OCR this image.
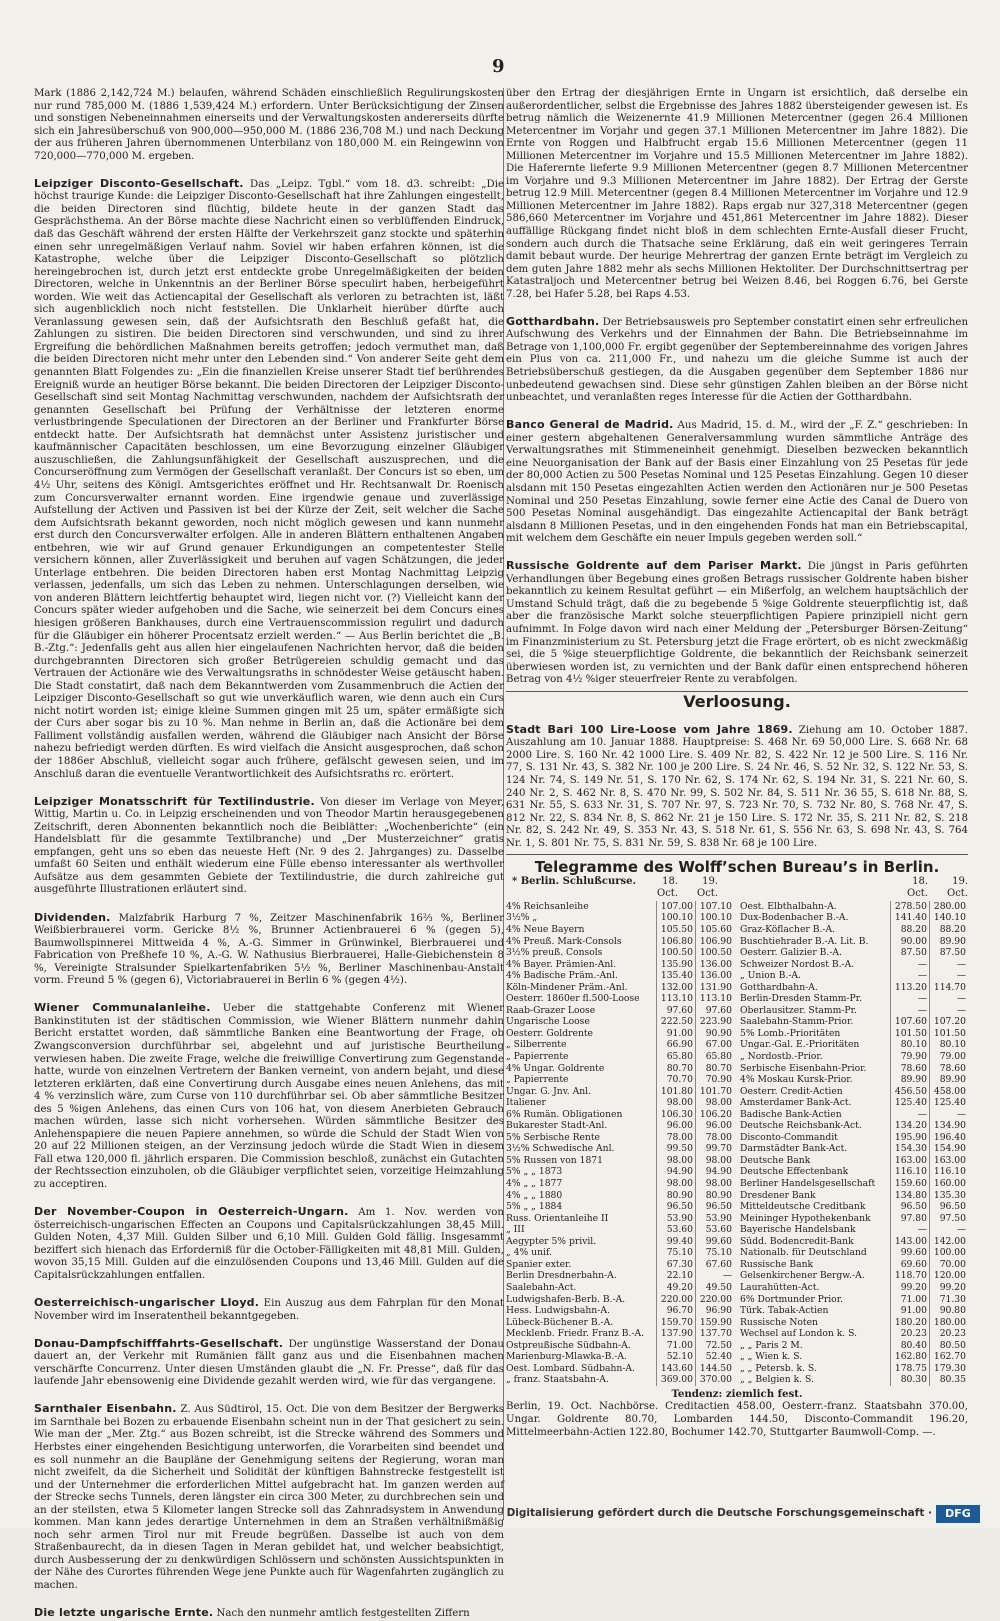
9

Mark (1886 2,142,724 M.) belaufen, während Schäden einschließlich Regulirungskosten nur rund 785,000 M. (1886 1,539,424 M.) erfordern. Unter Berücksichtigung der Zinsen und sonstigen Nebeneinnahmen einerseits und der Verwaltungskosten andererseits dürfte sich ein Jahresüberschuß von 900,000—950,000 M. (1886 236,708 M.) und nach Deckung der aus früheren Jahren übernommenen Unterbilanz von 180,000 M. ein Reingewinn von 720,000—770,000 M. ergeben.

Leipziger Disconto-Gesellschaft. Das „Leipz. Tgbl.“ vom 18. d3. schreibt: „Die höchst traurige Kunde: die Leipziger Disconto-Gesellschaft hat ihre Zahlungen eingestellt, die beiden Directoren sind flüchtig, bildete heute in der ganzen Stadt das Gesprächsthema. An der Börse machte diese Nachricht einen so verblüffenden Eindruck, daß das Geschäft während der ersten Hälfte der Verkehrszeit ganz stockte und späterhin einen sehr unregelmäßigen Verlauf nahm. Soviel wir haben erfahren können, ist die Katastrophe, welche über die Leipziger Disconto-Gesellschaft so plötzlich hereingebrochen ist, durch jetzt erst entdeckte grobe Unregelmäßigkeiten der beiden Directoren, welche in Unkenntnis an der Berliner Börse speculirt haben, herbeigeführt worden. Wie weit das Actiencapital der Gesellschaft als verloren zu betrachten ist, läßt sich augenblicklich noch nicht feststellen. Die Unklarheit hierüber dürfte auch Veranlassung gewesen sein, daß der Aufsichtsrath den Beschluß gefaßt hat, die Zahlungen zu sistiren. Die beiden Directoren sind verschwunden, und sind zu ihrer Ergreifung die behördlichen Maßnahmen bereits getroffen; jedoch vermuthet man, daß die beiden Directoren nicht mehr unter den Lebenden sind.“ Von anderer Seite geht dem genannten Blatt Folgendes zu: „Ein die finanziellen Kreise unserer Stadt tief berührendes Ereigniß wurde an heutiger Börse bekannt. Die beiden Directoren der Leipziger Disconto-Gesellschaft sind seit Montag Nachmittag verschwunden, nachdem der Aufsichtsrath der genannten Gesellschaft bei Prüfung der Verhältnisse der letzteren enorme verlustbringende Speculationen der Directoren an der Berliner und Frankfurter Börse entdeckt hatte. Der Aufsichtsrath hat demnächst unter Assistenz juristischer und kaufmännischer Capacitäten beschlossen, um eine Bevorzugung einzelner Gläubiger auszuschließen, die Zahlungsunfähigkeit der Gesellschaft auszusprechen, und die Concurseröffnung zum Vermögen der Gesellschaft veranlaßt. Der Concurs ist so eben, um 4½ Uhr, seitens des Königl. Amtsgerichtes eröffnet und Hr. Rechtsanwalt Dr. Roenisch zum Concursverwalter ernannt worden. Eine irgendwie genaue und zuverlässige Aufstellung der Activen und Passiven ist bei der Kürze der Zeit, seit welcher die Sache dem Aufsichtsrath bekannt geworden, noch nicht möglich gewesen und kann nunmehr erst durch den Concursverwalter erfolgen. Alle in anderen Blättern enthaltenen Angaben entbehren, wie wir auf Grund genauer Erkundigungen an competentester Stelle versichern können, aller Zuverlässigkeit und beruhen auf vagen Schätzungen, die jeder Unterlage entbehren. Die beiden Directoren haben erst Montag Nachmittag Leipzig verlassen, jedenfalls, um sich das Leben zu nehmen. Unterschlagungen derselben, wie von anderen Blättern leichtfertig behauptet wird, liegen nicht vor. (?) Vielleicht kann der Concurs später wieder aufgehoben und die Sache, wie seinerzeit bei dem Concurs eines hiesigen größeren Bankhauses, durch eine Vertrauenscommission regulirt und dadurch für die Gläubiger ein höherer Procentsatz erzielt werden.“ — Aus Berlin berichtet die „B. B.-Ztg.“: Jedenfalls geht aus allen hier eingelaufenen Nachrichten hervor, daß die beiden durchgebrannten Directoren sich großer Betrügereien schuldig gemacht und das Vertrauen der Actionäre wie des Verwaltungsraths in schnödester Weise getäuscht haben. Die Stadt constatirt, daß nach dem Bekanntwerden vom Zusammenbruch die Actien der Leipziger Disconto-Gesellschaft so gut wie unverkäuflich waren, wie denn auch ein Curs nicht notirt worden ist; einige kleine Summen gingen mit 25 um, später ermäßigte sich der Curs aber sogar bis zu 10 %. Man nehme in Berlin an, daß die Actionäre bei dem Falliment vollständig ausfallen werden, während die Gläubiger nach Ansicht der Börse nahezu befriedigt werden dürften. Es wird vielfach die Ansicht ausgesprochen, daß schon der 1886er Abschluß, vielleicht sogar auch frühere, gefälscht gewesen seien, und im Anschluß daran die eventuelle Verantwortlichkeit des Aufsichtsraths rc. erörtert.

Leipziger Monatsschrift für Textilindustrie. Von dieser im Verlage von Meyer, Wittig, Martin u. Co. in Leipzig erscheinenden und von Theodor Martin herausgegebenen Zeitschrift, deren Abonnenten bekanntlich noch die Beiblätter: „Wochenberichte“ (ein Handelsblatt für die gesammte Textilbranche) und „Der Musterzeichner“ gratis empfangen, geht uns so eben das neueste Heft (Nr. 9 des 2. Jahrganges) zu. Dasselbe umfaßt 60 Seiten und enthält wiederum eine Fülle ebenso interessanter als werthvoller Aufsätze aus dem gesammten Gebiete der Textilindustrie, die durch zahlreiche gut ausgeführte Illustrationen erläutert sind.

Dividenden. Malzfabrik Harburg 7 %, Zeitzer Maschinenfabrik 16⅔ %, Berliner Weißbierbrauerei vorm. Gericke 8½ %, Brunner Actienbrauerei 6 % (gegen 5), Baumwollspinnerei Mittweida 4 %, A.-G. Simmer in Grünwinkel, Bierbrauerei und Fabrication von Preßhefe 10 %, A.-G. W. Nathusius Bierbrauerei, Halle-Giebichenstein 8 %, Vereinigte Stralsunder Spielkartenfabriken 5½ %, Berliner Maschinenbau-Anstalt vorm. Freund 5 % (gegen 6), Victoriabrauerei in Berlin 6 % (gegen 4½).

Wiener Communalanleihe. Ueber die stattgehabte Conferenz mit Wiener Bankinstituten ist der städtischen Commission, wie Wiener Blättern nunmehr dahin Bericht erstattet worden, daß sämmtliche Banken eine Beantwortung der Frage, ob Zwangsconversion durchführbar sei, abgelehnt und auf juristische Beurtheilung verwiesen haben. Die zweite Frage, welche die freiwillige Convertirung zum Gegenstande hatte, wurde von einzelnen Vertretern der Banken verneint, von andern bejaht, und diese letzteren erklärten, daß eine Convertirung durch Ausgabe eines neuen Anlehens, das mit 4 % verzinslich wäre, zum Curse von 110 durchführbar sei. Ob aber sämmtliche Besitzer des 5 %igen Anlehens, das einen Curs von 106 hat, von diesem Anerbieten Gebrauch machen würden, lasse sich nicht vorhersehen. Würden sämmtliche Besitzer des Anlehenspapiere die neuen Papiere annehmen, so würde die Schuld der Stadt Wien von 20 auf 22 Millionen steigen, an der Verzinsung jedoch würde die Stadt Wien in diesem Fall etwa 120,000 fl. jährlich ersparen. Die Commission beschloß, zunächst ein Gutachten der Rechtssection einzuholen, ob die Gläubiger verpflichtet seien, vorzeitige Heimzahlung zu acceptiren.

Der November-Coupon in Oesterreich-Ungarn. Am 1. Nov. werden von österreichisch-ungarischen Effecten an Coupons und Capitalsrückzahlungen 38,45 Mill. Gulden Noten, 4,37 Mill. Gulden Silber und 6,10 Mill. Gulden Gold fällig. Insgesammt beziffert sich hienach das Erforderniß für die October-Fälligkeiten mit 48,81 Mill. Gulden, wovon 35,15 Mill. Gulden auf die einzulösenden Coupons und 13,46 Mill. Gulden auf die Capitalsrückzahlungen entfallen.

Oesterreichisch-ungarischer Lloyd. Ein Auszug aus dem Fahrplan für den Monat November wird im Inseratentheil bekanntgegeben.

Donau-Dampfschifffahrts-Gesellschaft. Der ungünstige Wasserstand der Donau dauert an, der Verkehr mit Rumänien fällt ganz aus und die Eisenbahnen machen verschärfte Concurrenz. Unter diesen Umständen glaubt die „N. Fr. Presse“, daß für das laufende Jahr ebensowenig eine Dividende gezahlt werden wird, wie für das vergangene.

Sarnthaler Eisenbahn. Z. Aus Südtirol, 15. Oct. Die von dem Besitzer der Bergwerks im Sarnthale bei Bozen zu erbauende Eisenbahn scheint nun in der That gesichert zu sein. Wie man der „Mer. Ztg.“ aus Bozen schreibt, ist die Strecke während des Sommers und Herbstes einer eingehenden Besichtigung unterworfen, die Vorarbeiten sind beendet und es soll nunmehr an die Baupläne der Genehmigung seitens der Regierung, woran man nicht zweifelt, da die Sicherheit und Solidität der künftigen Bahnstrecke festgestellt ist und der Unternehmer die erforderlichen Mittel aufgebracht hat. Im ganzen werden auf der Strecke sechs Tunnels, deren längster ein circa 300 Meter, zu durchbrechen sein und an der steilsten, etwa 5 Kilometer langen Strecke soll das Zahnradsystem in Anwendung kommen. Man kann jedes derartige Unternehmen in dem an Straßen verhältnißmäßig noch sehr armen Tirol nur mit Freude begrüßen. Dasselbe ist auch von dem Straßenbaurecht, da in diesen Tagen in Meran gebildet hat, und welcher beabsichtigt, durch Ausbesserung der zu denkwürdigen Schlössern und schönsten Aussichtspunkten in der Nähe des Curortes führenden Wege jene Punkte auch für Wagenfahrten zugänglich zu machen.

Die letzte ungarische Ernte. Nach den nunmehr amtlich festgestellten Ziffern

über den Ertrag der diesjährigen Ernte in Ungarn ist ersichtlich, daß derselbe ein außerordentlicher, selbst die Ergebnisse des Jahres 1882 übersteigender gewesen ist. Es betrug nämlich die Weizenernte 41.9 Millionen Metercentner (gegen 26.4 Millionen Metercentner im Vorjahr und gegen 37.1 Millionen Metercentner im Jahre 1882). Die Ernte von Roggen und Halbfrucht ergab 15.6 Millionen Metercentner (gegen 11 Millionen Metercentner im Vorjahre und 15.5 Millionen Metercentner im Jahre 1882). Die Haferernte lieferte 9.9 Millionen Metercentner (gegen 8.7 Millionen Metercentner im Vorjahre und 9.3 Millionen Metercentner im Jahre 1882). Der Ertrag der Gerste betrug 12.9 Mill. Metercentner (gegen 8.4 Millionen Metercentner im Vorjahre und 12.9 Millionen Metercentner im Jahre 1882). Raps ergab nur 327,318 Metercentner (gegen 586,660 Metercentner im Vorjahre und 451,861 Metercentner im Jahre 1882). Dieser auffällige Rückgang findet nicht bloß in dem schlechten Ernte-Ausfall dieser Frucht, sondern auch durch die Thatsache seine Erklärung, daß ein weit geringeres Terrain damit bebaut wurde. Der heurige Mehrertrag der ganzen Ernte beträgt im Vergleich zu dem guten Jahre 1882 mehr als sechs Millionen Hektoliter. Der Durchschnittsertrag per Katastraljoch und Metercentner betrug bei Weizen 8.46, bei Roggen 6.76, bei Gerste 7.28, bei Hafer 5.28, bei Raps 4.53.

Gotthardbahn. Der Betriebsausweis pro September constatirt einen sehr erfreulichen Aufschwung des Verkehrs und der Einnahmen der Bahn. Die Betriebseinnahme im Betrage von 1,100,000 Fr. ergibt gegenüber der Septembereinnahme des vorigen Jahres ein Plus von ca. 211,000 Fr., und nahezu um die gleiche Summe ist auch der Betriebsüberschuß gestiegen, da die Ausgaben gegenüber dem September 1886 nur unbedeutend gewachsen sind. Diese sehr günstigen Zahlen bleiben an der Börse nicht unbeachtet, und veranlaßten reges Interesse für die Actien der Gotthardbahn.

Banco General de Madrid. Aus Madrid, 15. d. M., wird der „F. Z.“ geschrieben: In einer gestern abgehaltenen Generalversammlung wurden sämmtliche Anträge des Verwaltungsrathes mit Stimmeneinheit genehmigt. Dieselben bezwecken bekanntlich eine Neuorganisation der Bank auf der Basis einer Einzahlung von 25 Pesetas für jede der 80,000 Actien zu 500 Pesetas Nominal und 125 Pesetas Einzahlung. Gegen 10 dieser alsdann mit 150 Pesetas eingezahlten Actien werden den Actionären nur je 500 Pesetas Nominal und 250 Pesetas Einzahlung, sowie ferner eine Actie des Canal de Duero von 500 Pesetas Nominal ausgehändigt. Das eingezahlte Actiencapital der Bank beträgt alsdann 8 Millionen Pesetas, und in den eingehenden Fonds hat man ein Betriebscapital, mit welchem dem Geschäfte ein neuer Impuls gegeben werden soll.“

Russische Goldrente auf dem Pariser Markt. Die jüngst in Paris geführten Verhandlungen über Begebung eines großen Betrags russischer Goldrente haben bisher bekanntlich zu keinem Resultat geführt — ein Mißerfolg, an welchem hauptsächlich der Umstand Schuld trägt, daß die zu begebende 5 %ige Goldrente steuerpflichtig ist, daß aber die französische Markt solche steuerpflichtigen Papiere prinzipiell nicht gern aufnimmt. In Folge davon wird nach einer Meldung der „Petersburger Börsen-Zeitung“ im Finanzministerium zu St. Petersburg jetzt die Frage erörtert, ob es nicht zweckmäßig sei, die 5 %ige steuerpflichtige Goldrente, die bekanntlich der Reichsbank seinerzeit überwiesen worden ist, zu vernichten und der Bank dafür einen entsprechend höheren Betrag von 4½ %iger steuerfreier Rente zu verabfolgen.

Verloosung.

Stadt Bari 100 Lire-Loose vom Jahre 1869. Ziehung am 10. October 1887. Auszahlung am 10. Januar 1888. Hauptpreise: S. 468 Nr. 69 50,000 Lire. S. 668 Nr. 68 2000 Lire. S. 160 Nr. 42 1000 Lire. S. 409 Nr. 82, S. 422 Nr. 12 je 500 Lire. S. 116 Nr. 77, S. 131 Nr. 43, S. 382 Nr. 100 je 200 Lire. S. 24 Nr. 46, S. 52 Nr. 32, S. 122 Nr. 53, S. 124 Nr. 74, S. 149 Nr. 51, S. 170 Nr. 62, S. 174 Nr. 62, S. 194 Nr. 31, S. 221 Nr. 60, S. 240 Nr. 2, S. 462 Nr. 8, S. 470 Nr. 99, S. 502 Nr. 84, S. 511 Nr. 36 55, S. 618 Nr. 88, S. 631 Nr. 55, S. 633 Nr. 31, S. 707 Nr. 97, S. 723 Nr. 70, S. 732 Nr. 80, S. 768 Nr. 47, S. 812 Nr. 22, S. 834 Nr. 8, S. 862 Nr. 21 je 150 Lire. S. 172 Nr. 35, S. 211 Nr. 82, S. 218 Nr. 82, S. 242 Nr. 49, S. 353 Nr. 43, S. 518 Nr. 61, S. 556 Nr. 63, S. 698 Nr. 43, S. 764 Nr. 1, S. 801 Nr. 75, S. 831 Nr. 59, S. 838 Nr. 68 je 100 Lire.

Telegramme des Wolff’schen Bureau’s in Berlin.
* Berlin. Schlußcurse.	18. Oct.
19. Oct.
18. Oct.
19. Oct.
4% Reichsanleihe	107.00 107.10
3½% „	100.10 100.10
4% Neue Bayern	105.50 105.60
4% Preuß. Mark-Consols	106.80 106.90
3½% preuß. Consols	100.50 100.50
4% Bayer. Prämien-Anl.	135.90 136.00
4% Badische Präm.-Anl.	135.40 136.00
Köln-Mindener Präm.-Anl.	132.00 131.90
Oesterr. 1860er fl.500-Loose	113.10 113.10
Raab-Grazer Loose	97.60	97.60
Ungarische Loose	222.50 223.90
Oesterr. Goldrente	91.00	90.90
„ Silberrente	66.90	67.00
„ Papierrente	65.80	65.80
4% Ungar. Goldrente	80.70	80.70
„ Papierrente	70.70	70.90
Ungar. G. Jnv. Anl.	101.80 101.70
Italiener	98.00	98.00
6% Rumän. Obligationen	106.30 106.20
Bukarester Stadt-Anl.	96.00	96.00
5% Serbische Rente	78.00	78.00
3½% Schwedische Anl.	99.50	99.70
5% Russen von 1871	98.00	98.00
5% „ „ 1873	94.90	94.90
4% „ „ 1877	98.00	98.00
4% „ „ 1880	80.90	80.90
5% „ „ 1884	96.50	96.50
Russ. Orientanleihe II	53.90	53.90
„ III	53.60	53.60
Aegypter 5% privil.	99.40	99.60
„ 4% unif.	75.10	75.10
Spanier exter.	67.30	67.60
Berlin Dresdnerbahn-A.	22.10	—
Saalebahn-Act.	49.20	49.50
Ludwigshafen-Berb. B.-A.	220.00 220.00
Hess. Ludwigsbahn-A.	96.70	96.90
Lübeck-Büchener B.-A.	159.70 159.90
Mecklenb. Friedr. Franz B.-A.	137.90 137.70
Ostpreußische Südbahn-A.	71.00	72.50
Marienburg-Mlawka-B.-A.	52.10	52.40
Oest. Lombard. Südbahn-A.	143.60 144.50
„ franz. Staatsbahn-A.	369.00 370.00
Oest. Elbthalbahn-A.	278.50 280.00
Dux-Bodenbacher B.-A.	141.40 140.10
Graz-Köflacher B.-A.	88.20	88.20
Buschtiehrader B.-A. Lit. B.	90.00	89.90
Oesterr. Galizier B.-A.	87.50	87.50
Schweizer Nordost B.-A.	—	—
„ Union B.-A.	—	—
Gotthardbahn-A.	113.20 114.70
Berlin-Dresden Stamm-Pr.	—	—
Oberlausitzer. Stamm-Pr.	—	—
Saalebahn-Stamm-Prior.	107.60 107.20
5% Lomb.-Prioritäten	101.50 101.50
Ungar.-Gal. E.-Prioritäten	80.10	80.10
„ Nordostb.-Prior.	79.90	79.00
Serbische Eisenbahn-Prior.	78.60	78.60
4% Moskau Kursk-Prior.	89.90	89.90
Oesterr. Credit-Actien	456.50 458.00
Amsterdamer Bank-Act.	125.40 125.40
Badische Bank-Actien	—	—
Deutsche Reichsbank-Act.	134.20 134.90
Disconto-Commandit	195.90 196.40
Darmstädter Bank-Act.	154.30 154.90
Deutsche Bank	163.00 163.00
Deutsche Effectenbank	116.10 116.10
Berliner Handelsgesellschaft	159.60 160.00
Dresdener Bank	134.80 135.30
Mitteldeutsche Creditbank	96.50	96.50
Meininger Hypothekenbank	97.80	97.50
Bayerische Handelsbank	—	—
Südd. Bodencredit-Bank	143.00 142.00
Nationalb. für Deutschland	99.60 100.00
Russische Bank	69.60	70.00
Gelsenkirchener Bergw.-A.	118.70 120.00
Laurahütten-Act.	99.20	99.20
6% Dortmunder Prior.	71.00	71.30
Türk. Tabak-Actien	91.00	90.80
Russische Noten	180.20 180.00
Wechsel auf London k. S.	20.23	20.23
„ „ Paris 2 M.	80.40	80.50
„ „ Wien k. S.	162.80 162.70
„ „ Petersb. k. S.	178.75 179.30
„ „ Belgien k. S.	80.30	80.35

Tendenz: ziemlich fest.

Berlin, 19. Oct. Nachbörse. Creditactien 458.00, Oesterr.-franz. Staatsbahn 370.00, Ungar. Goldrente 80.70, Lombarden 144.50, Disconto-Commandit 196.20, Mittelmeerbahn-Actien 122.80, Bochumer 142.70, Stuttgarter Baumwoll-Comp. —.

Digitalisierung gefördert durch die Deutsche Forschungsgemeinschaft ·	DFG
